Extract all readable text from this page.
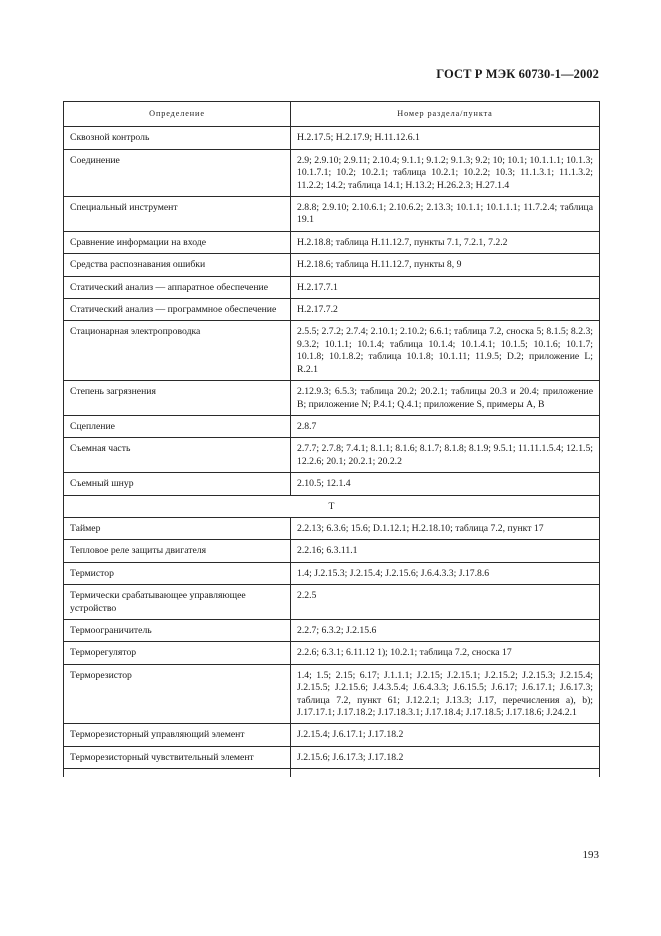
ГОСТ Р МЭК 60730-1—2002
Определение	Номер раздела/пункта
Сквозной контроль	Н.2.17.5; Н.2.17.9; Н.11.12.6.1
Соединение	2.9; 2.9.10; 2.9.11; 2.10.4; 9.1.1; 9.1.2; 9.1.3; 9.2; 10; 10.1; 10.1.1.1; 10.1.3; 10.1.7.1; 10.2; 10.2.1; таблица 10.2.1; 10.2.2; 10.3; 11.1.3.1; 11.1.3.2; 11.2.2; 14.2; таблица 14.1; Н.13.2; Н.26.2.3; Н.27.1.4
Специальный инструмент	2.8.8; 2.9.10; 2.10.6.1; 2.10.6.2; 2.13.3; 10.1.1; 10.1.1.1; 11.7.2.4; таблица 19.1
Сравнение информации на входе	Н.2.18.8; таблица Н.11.12.7, пункты 7.1, 7.2.1, 7.2.2
Средства распознавания ошибки	Н.2.18.6; таблица Н.11.12.7, пункты 8, 9
Статический анализ — аппаратное обеспечение	Н.2.17.7.1
Статический анализ — программное обеспечение	Н.2.17.7.2
Стационарная электропроводка	2.5.5; 2.7.2; 2.7.4; 2.10.1; 2.10.2; 6.6.1; таблица 7.2, сноска 5; 8.1.5; 8.2.3; 9.3.2; 10.1.1; 10.1.4; таблица 10.1.4; 10.1.4.1; 10.1.5; 10.1.6; 10.1.7; 10.1.8; 10.1.8.2; таблица 10.1.8; 10.1.11; 11.9.5; D.2; приложение L; R.2.1
Степень загрязнения	2.12.9.3; 6.5.3; таблица 20.2; 20.2.1; таблицы 20.3 и 20.4; приложение В; приложение N; P.4.1; Q.4.1; приложение S, примеры А, В
Сцепление	2.8.7
Съемная часть	2.7.7; 2.7.8; 7.4.1; 8.1.1; 8.1.6; 8.1.7; 8.1.8; 8.1.9; 9.5.1; 11.11.1.5.4; 12.1.5; 12.2.6; 20.1; 20.2.1; 20.2.2
Съемный шнур	2.10.5; 12.1.4
Т	
Таймер	2.2.13; 6.3.6; 15.6; D.1.12.1; Н.2.18.10; таблица 7.2, пункт 17
Тепловое реле защиты двигателя	2.2.16; 6.3.11.1
Термистор	1.4; J.2.15.3; J.2.15.4; J.2.15.6; J.6.4.3.3; J.17.8.6
Термически срабатывающее управляющее устройство	2.2.5
Термоограничитель	2.2.7; 6.3.2; J.2.15.6
Терморегулятор	2.2.6; 6.3.1; 6.11.12 1); 10.2.1; таблица 7.2, сноска 17
Терморезистор	1.4; 1.5; 2.15; 6.17; J.1.1.1; J.2.15; J.2.15.1; J.2.15.2; J.2.15.3; J.2.15.4; J.2.15.5; J.2.15.6; J.4.3.5.4; J.6.4.3.3; J.6.15.5; J.6.17; J.6.17.1; J.6.17.3; таблица 7.2, пункт 61; J.12.2.1; J.13.3; J.17, перечисления а), b); J.17.17.1; J.17.18.2; J.17.18.3.1; J.17.18.4; J.17.18.5; J.17.18.6; J.24.2.1
Терморезисторный управляющий элемент	J.2.15.4; J.6.17.1; J.17.18.2
Терморезисторный чувствительный элемент	J.2.15.6; J.6.17.3; J.17.18.2

193
